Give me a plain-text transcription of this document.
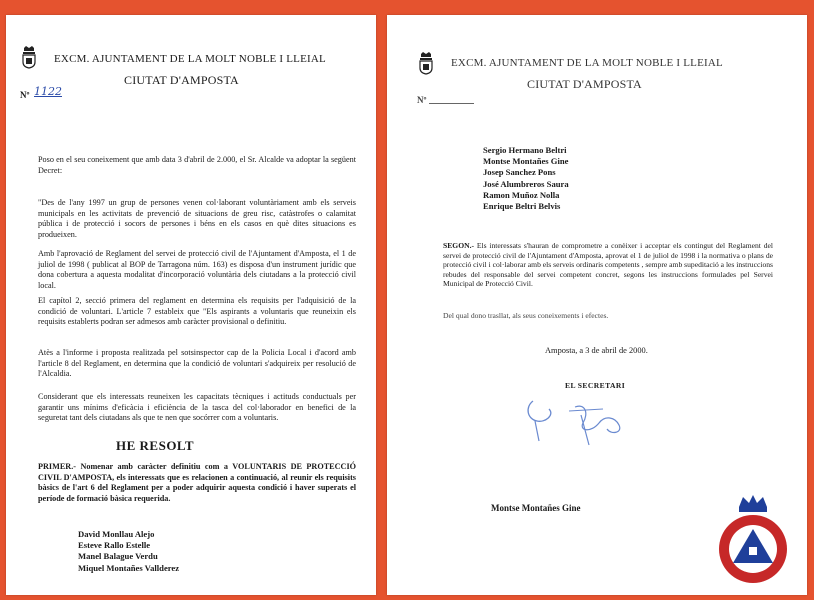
EXCM. AJUNTAMENT DE LA MOLT NOBLE I LLEIAL
CIUTAT D'AMPOSTA
Nº 1122
Poso en el seu coneixement que amb data 3 d'abril de 2.000, el Sr. Alcalde va adoptar la següent Decret:
"Des de l'any 1997 un grup de persones venen col·laborant voluntàriament amb els serveis municipals en les activitats de prevenció de situacions de greu risc, catàstrofes o calamitat pública i de protecció i socors de persones i béns en els casos en què dites situacions es produeixen.
Amb l'aprovació de Reglament del servei de protecció civil de l'Ajuntament d'Amposta, el 1 de juliol de 1998 ( publicat al BOP de Tarragona núm. 163) es disposa d'un instrument jurídic que dona cobertura a aquesta modalitat d'incorporació voluntària dels ciutadans a la protecció civil local.
El capítol 2, secció primera del reglament en determina els requisits per l'adquisició de la condició de voluntari. L'article 7 estableix que "Els aspirants a voluntaris que reuneixin els requisits establerts podran ser admesos amb caràcter provisional o definitiu.
Atès a l'informe i proposta realitzada pel sotsinspector cap de la Policia Local i d'acord amb l'article 8 del Reglament, en determina que la condició de voluntari s'adquireix per resolució de l'Alcaldia.
Considerant que els interessats reuneixen les capacitats tècniques i actituds conductuals per garantir uns mínims d'eficàcia i eficiència de la tasca del col·laborador en benefici de la seguretat tant dels ciutadans als que te nen que socórrer com a voluntaris.
HE RESOLT
PRIMER.- Nomenar amb caràcter definitiu com a VOLUNTARIS DE PROTECCIÓ CIVIL D'AMPOSTA, els interessats que es relacionen a continuació, al reunir els requisits bàsics de l'art 6 del Reglament per a poder adquirir aquesta condició i haver superats el període de formació bàsica requerida.
David Monllau Alejo
Esteve Rallo Estelle
Manel Balague Verdu
Miquel Montañes Vallderez
EXCM. AJUNTAMENT DE LA MOLT NOBLE I LLEIAL
CIUTAT D'AMPOSTA
Nº
Sergio Hermano Beltri
Montse Montañes Gine
Josep Sanchez Pons
José Alumbreros Saura
Ramon Muñoz Nolla
Enrique Beltri Belvis
SEGON.- Els interessats s'hauran de comprometre a conèixer i acceptar els contingut del Reglament del servei de protecció civil de l'Ajuntament d'Amposta, aprovat el 1 de juliol de 1998 i la normativa o plans de protecció civil i col·laborar amb els serveis ordinaris competents , sempre amb supeditació a les instruccions rebudes del responsable del servei competent concret, segons les instruccions formulades pel Servei Municipal de Protecció Civil.
Del qual dono trasllat, als seus coneixements i efectes.
Amposta, a 3 de abril de 2000.
EL SECRETARI
Montse Montañes Gine
